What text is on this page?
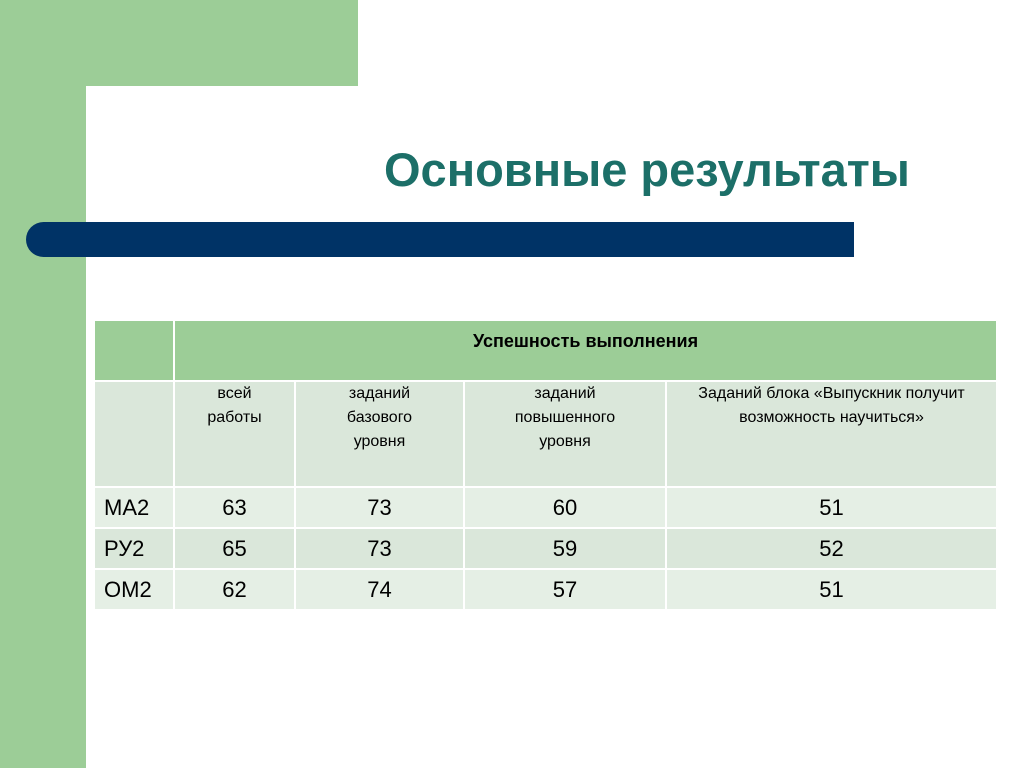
Основные результаты
	Успешность выполнения			
	всей работы	заданий базового уровня	заданий повышенного уровня	Заданий блока «Выпускник получит возможность научиться»
МА2	63	73	60	51
РУ2	65	73	59	52
ОМ2	62	74	57	51
